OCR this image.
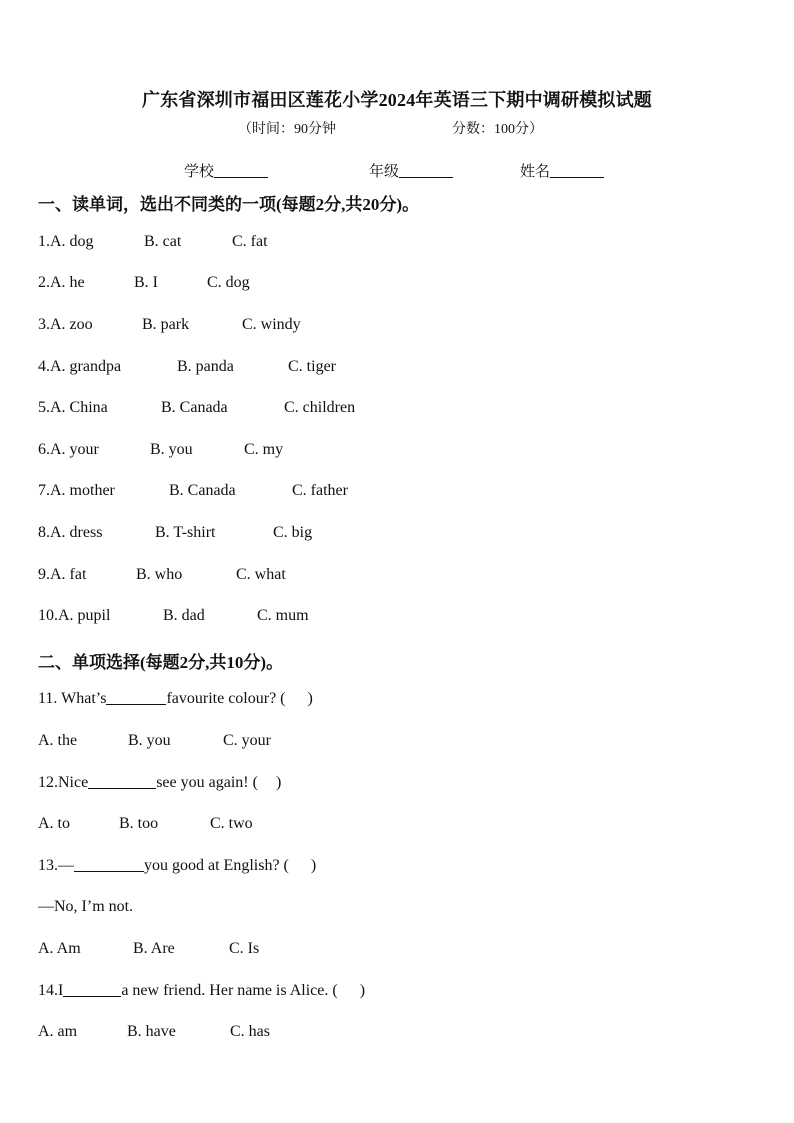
广东省深圳市福田区莲花小学2024年英语三下期中调研模拟试题
（时间：90分钟	分数：100分）
学校	年级	姓名
一、读单词，选出不同类的一项(每题2分,共20分)。
1.A. dog	B. cat	C. fat
2.A. he	B. I	C. dog
3.A. zoo	B. park	C. windy
4.A. grandpa	B. panda	C. tiger
5.A. China	B. Canada	C. children
6.A. your	B. you	C. my
7.A. mother	B. Canada	C. father
8.A. dress	B. T-shirt	C. big
9.A. fat	B. who	C. what
10.A. pupil	B. dad	C. mum
二、单项选择(每题2分,共10分)。
11. What’s	favourite colour? ( )
A. the	B. you	C. your
12.Nice	see you again! ( )
A. to	B. too	C. two
13.—	you good at English? ( )
—No, I’m not.
A. Am	B. Are	C. Is
14.I	a new friend. Her name is Alice. ( )
A. am	B. have	C. has
